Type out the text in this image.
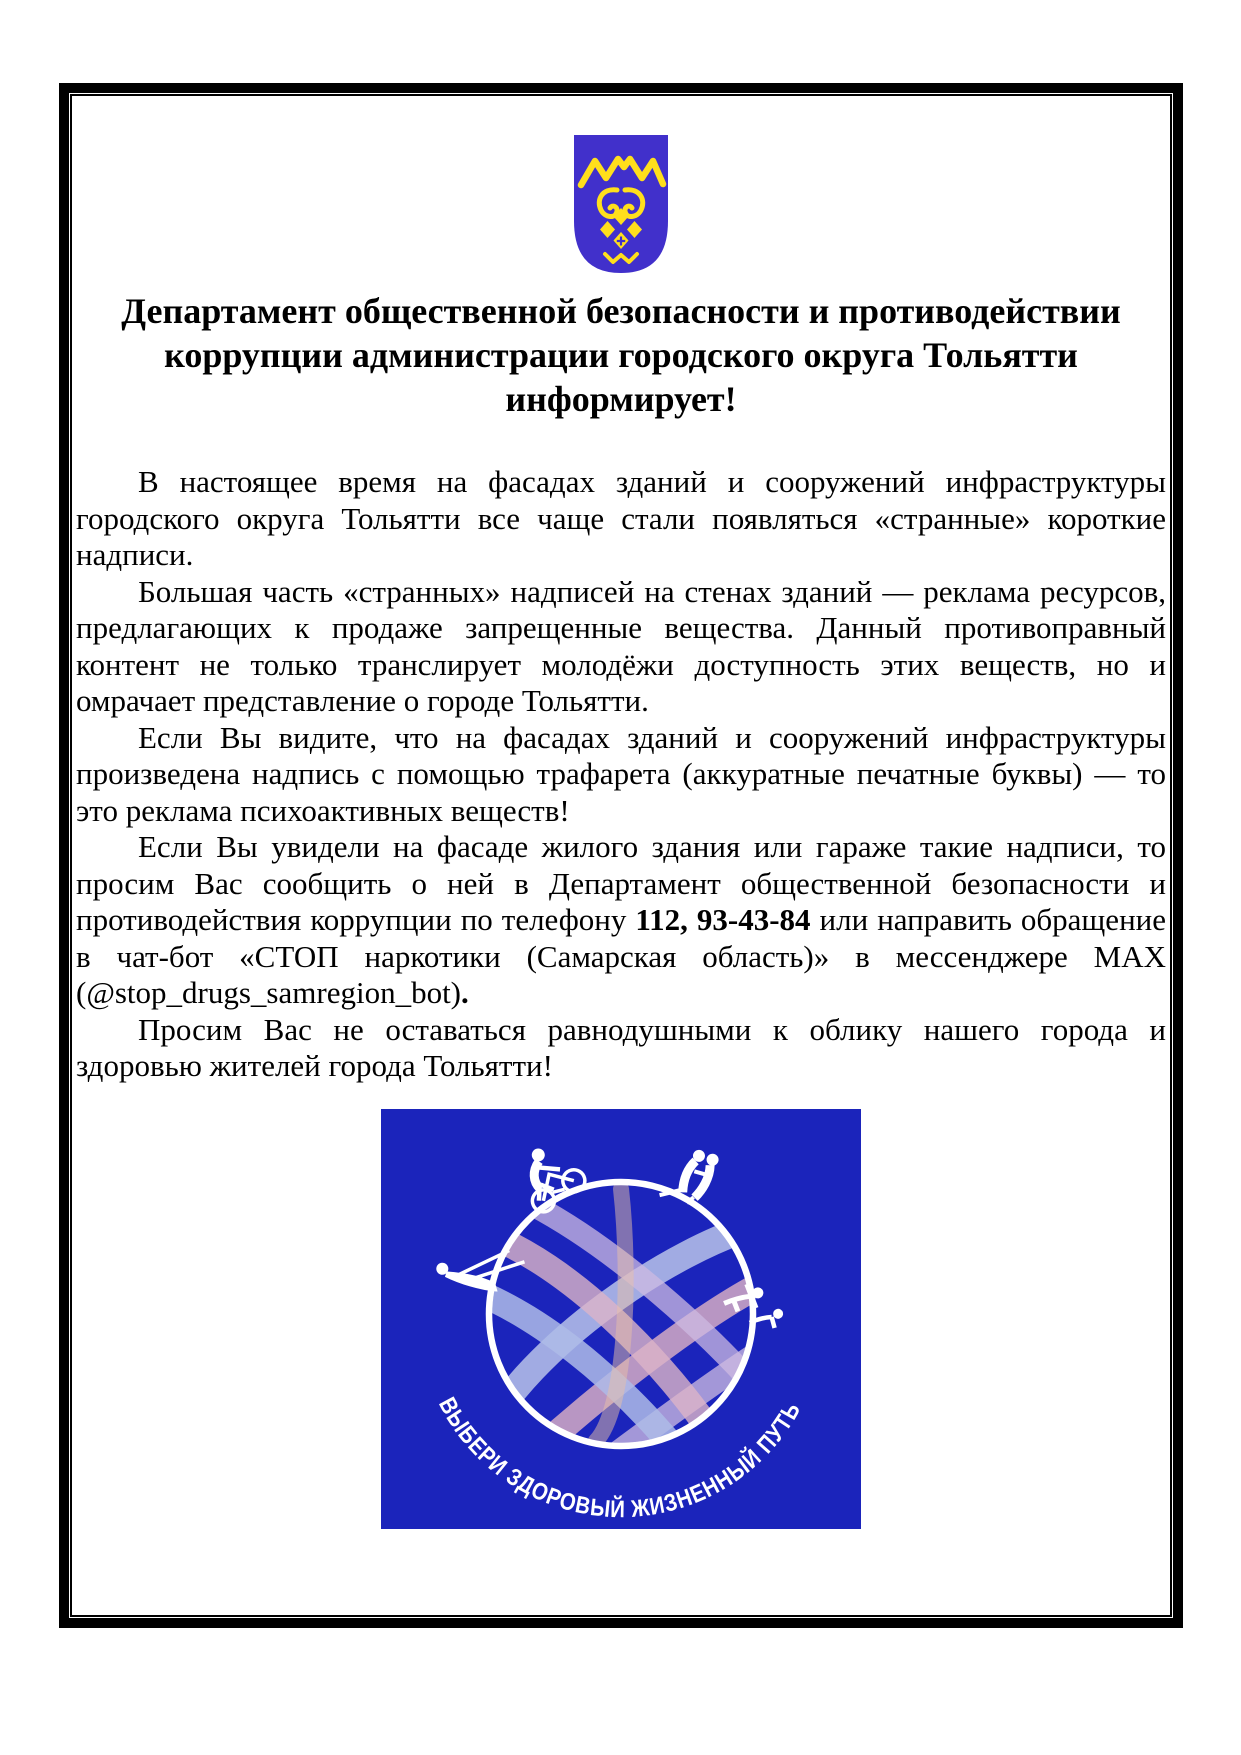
Департамент общественной безопасности и противодействии
коррупции администрации городского округа Тольятти
информирует!

В настоящее время на фасадах зданий и сооружений инфраструктуры городского округа Тольятти все чаще стали появляться «странные» короткие надписи.

Большая часть «странных» надписей на стенах зданий — реклама ресурсов, предлагающих к продаже запрещенные вещества. Данный противоправный контент не только транслирует молодёжи доступность этих веществ, но и омрачает представление о городе Тольятти.

Если Вы видите, что на фасадах зданий и сооружений инфраструктуры произведена надпись с помощью трафарета (аккуратные печатные буквы) — то это реклама психоактивных веществ!

Если Вы увидели на фасаде жилого здания или гараже такие надписи, то просим Вас сообщить о ней в Департамент общественной безопасности и противодействия коррупции по телефону 112, 93-43-84 или направить обращение в чат-бот «СТОП наркотики (Самарская область)» в мессенджере MAX (@stop_drugs_samregion_bot).

Просим Вас не оставаться равнодушными к облику нашего города и здоровью жителей города Тольятти!

ВЫБЕРИ ЗДОРОВЫЙ ЖИЗНЕННЫЙ ПУТЬ
